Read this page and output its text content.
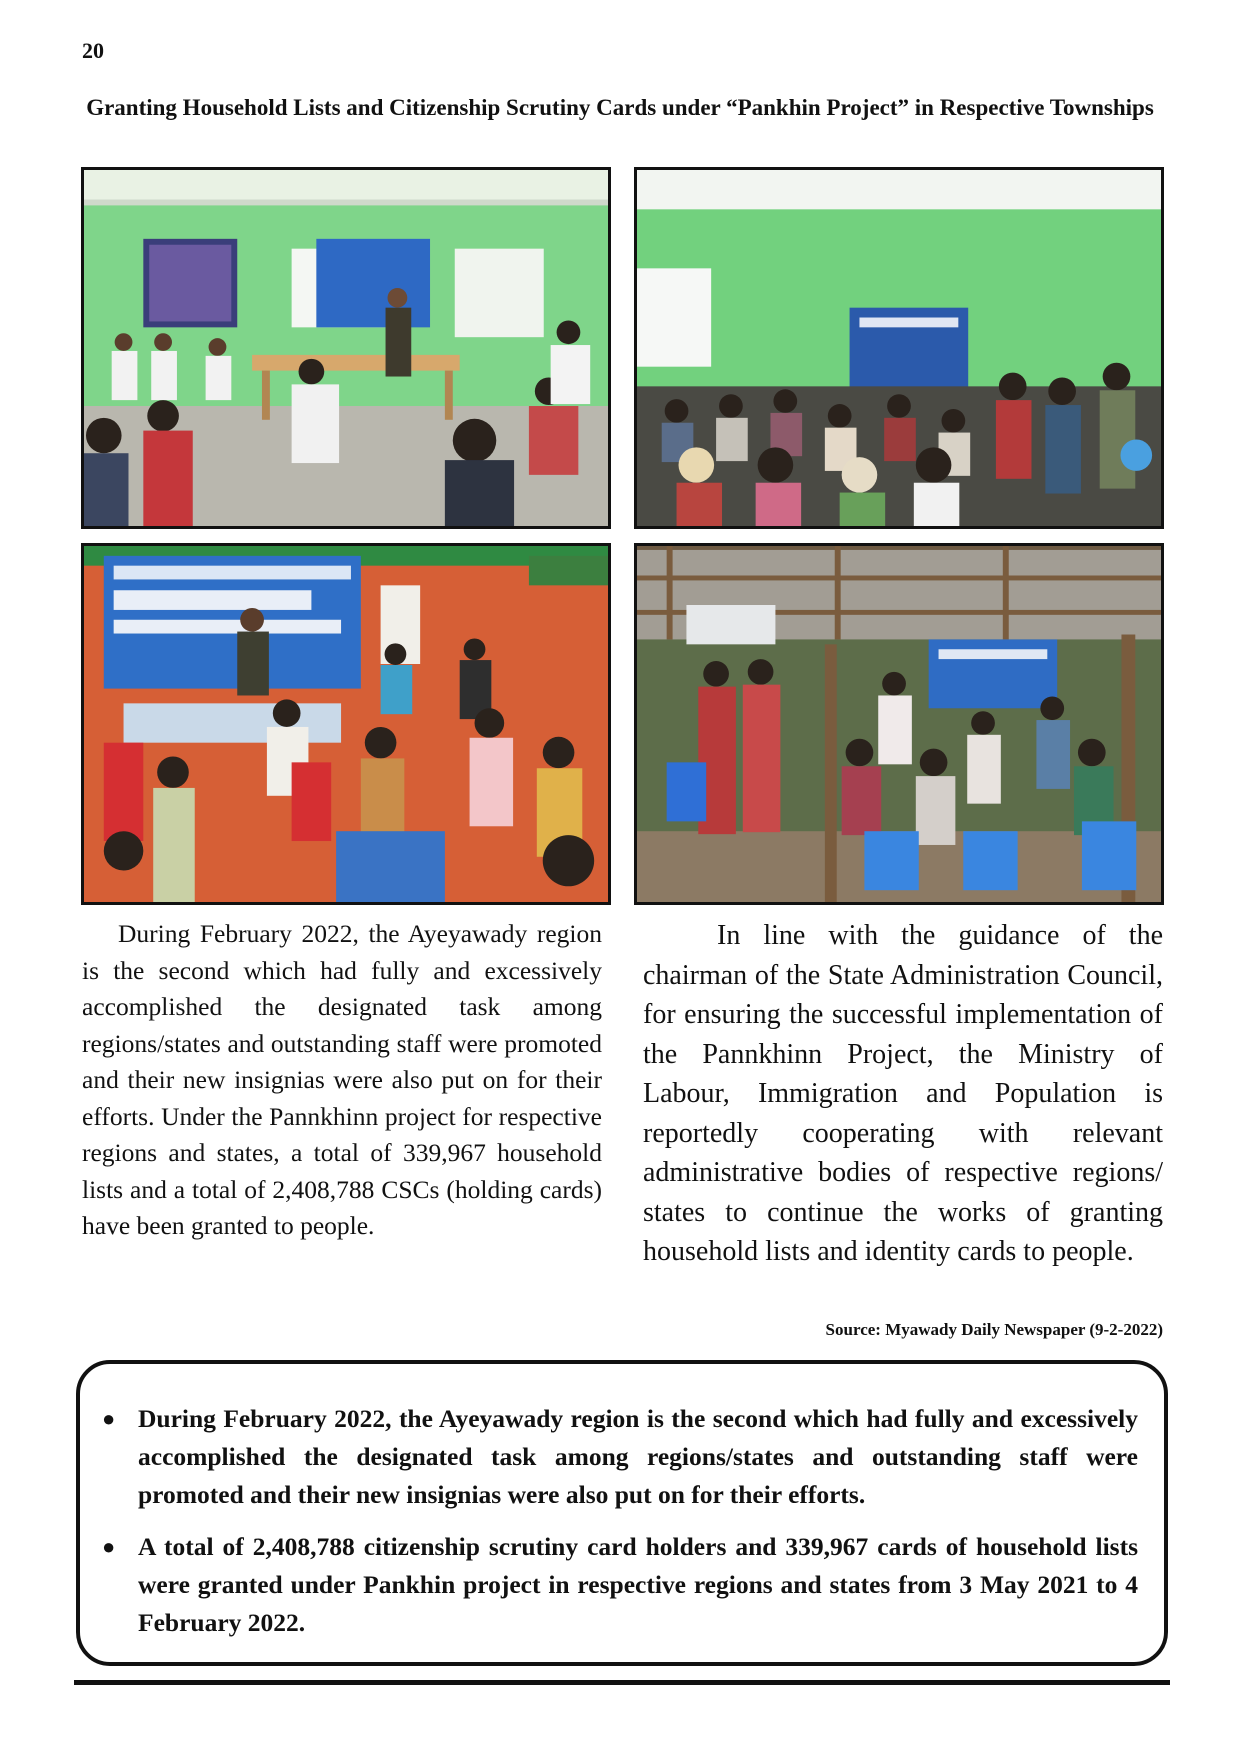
20
Granting Household Lists and Citizenship Scrutiny Cards under “Pankhin Project” in Respective Townships

During February 2022, the Ayeyawady region is the second which had fully and excessively accomplished the designated task among regions/states and outstanding staff were promoted and their new insignias were also put on for their efforts. Under the Pannkhinn project for respective regions and states, a total of 339,967 household lists and a total of 2,408,788 CSCs (holding cards) have been granted to people.

In line with the guidance of the chairman of the State Administration Council, for ensuring the successful implementation of the Pannkhinn Project, the Ministry of Labour, Immigration and Population is reportedly cooperating with relevant administrative bodies of respective regions/ states to continue the works of granting household lists and identity cards to people.

Source: Myawady Daily Newspaper (9-2-2022)
● During February 2022, the Ayeyawady region is the second which had fully and excessively accomplished the designated task among regions/states and outstanding staff were promoted and their new insignias were also put on for their efforts.
● A total of 2,408,788 citizenship scrutiny card holders and 339,967 cards of household lists were granted under Pankhin project in respective regions and states from 3 May 2021 to 4 February 2022.
